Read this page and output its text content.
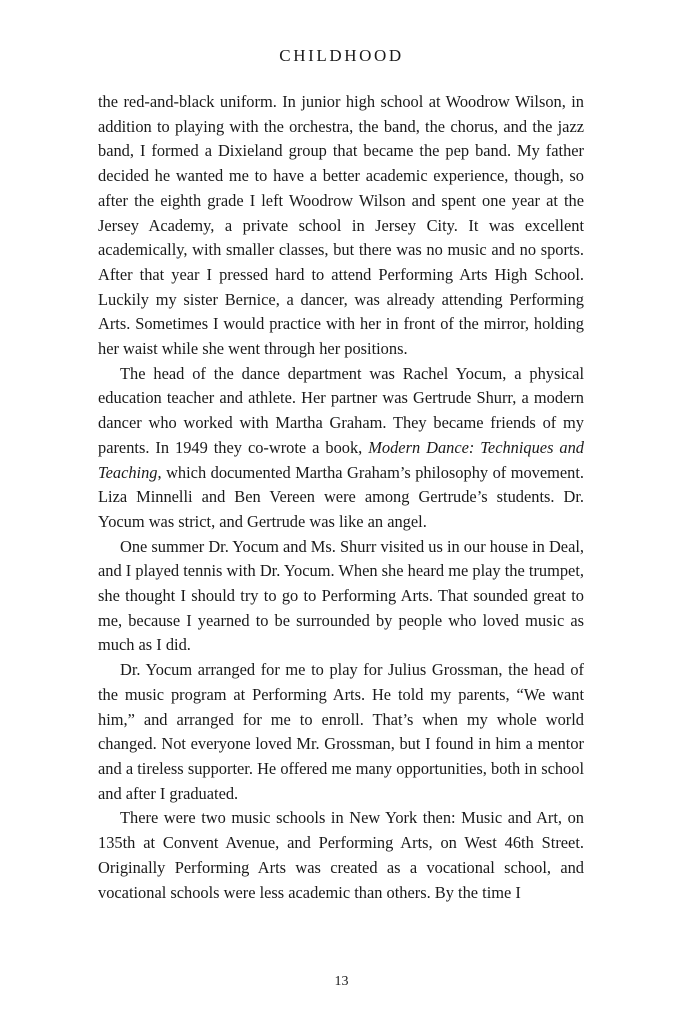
CHILDHOOD

the red-and-black uniform. In junior high school at Woodrow Wilson, in addition to playing with the orchestra, the band, the chorus, and the jazz band, I formed a Dixieland group that became the pep band. My father decided he wanted me to have a better academic experience, though, so after the eighth grade I left Woodrow Wilson and spent one year at the Jersey Academy, a private school in Jersey City. It was excellent academically, with smaller classes, but there was no music and no sports. After that year I pressed hard to attend Performing Arts High School. Luckily my sister Bernice, a dancer, was already attending Performing Arts. Sometimes I would practice with her in front of the mirror, holding her waist while she went through her positions.

The head of the dance department was Rachel Yocum, a physical education teacher and athlete. Her partner was Gertrude Shurr, a modern dancer who worked with Martha Graham. They became friends of my parents. In 1949 they co-wrote a book, Modern Dance: Techniques and Teaching, which documented Martha Graham’s philosophy of movement. Liza Minnelli and Ben Vereen were among Gertrude’s students. Dr. Yocum was strict, and Gertrude was like an angel.

One summer Dr. Yocum and Ms. Shurr visited us in our house in Deal, and I played tennis with Dr. Yocum. When she heard me play the trumpet, she thought I should try to go to Performing Arts. That sounded great to me, because I yearned to be surrounded by people who loved music as much as I did.

Dr. Yocum arranged for me to play for Julius Grossman, the head of the music program at Performing Arts. He told my parents, “We want him,” and arranged for me to enroll. That’s when my whole world changed. Not everyone loved Mr. Grossman, but I found in him a mentor and a tireless supporter. He offered me many opportunities, both in school and after I graduated.

There were two music schools in New York then: Music and Art, on 135th at Convent Avenue, and Performing Arts, on West 46th Street. Originally Performing Arts was created as a vocational school, and vocational schools were less academic than others. By the time I

13
